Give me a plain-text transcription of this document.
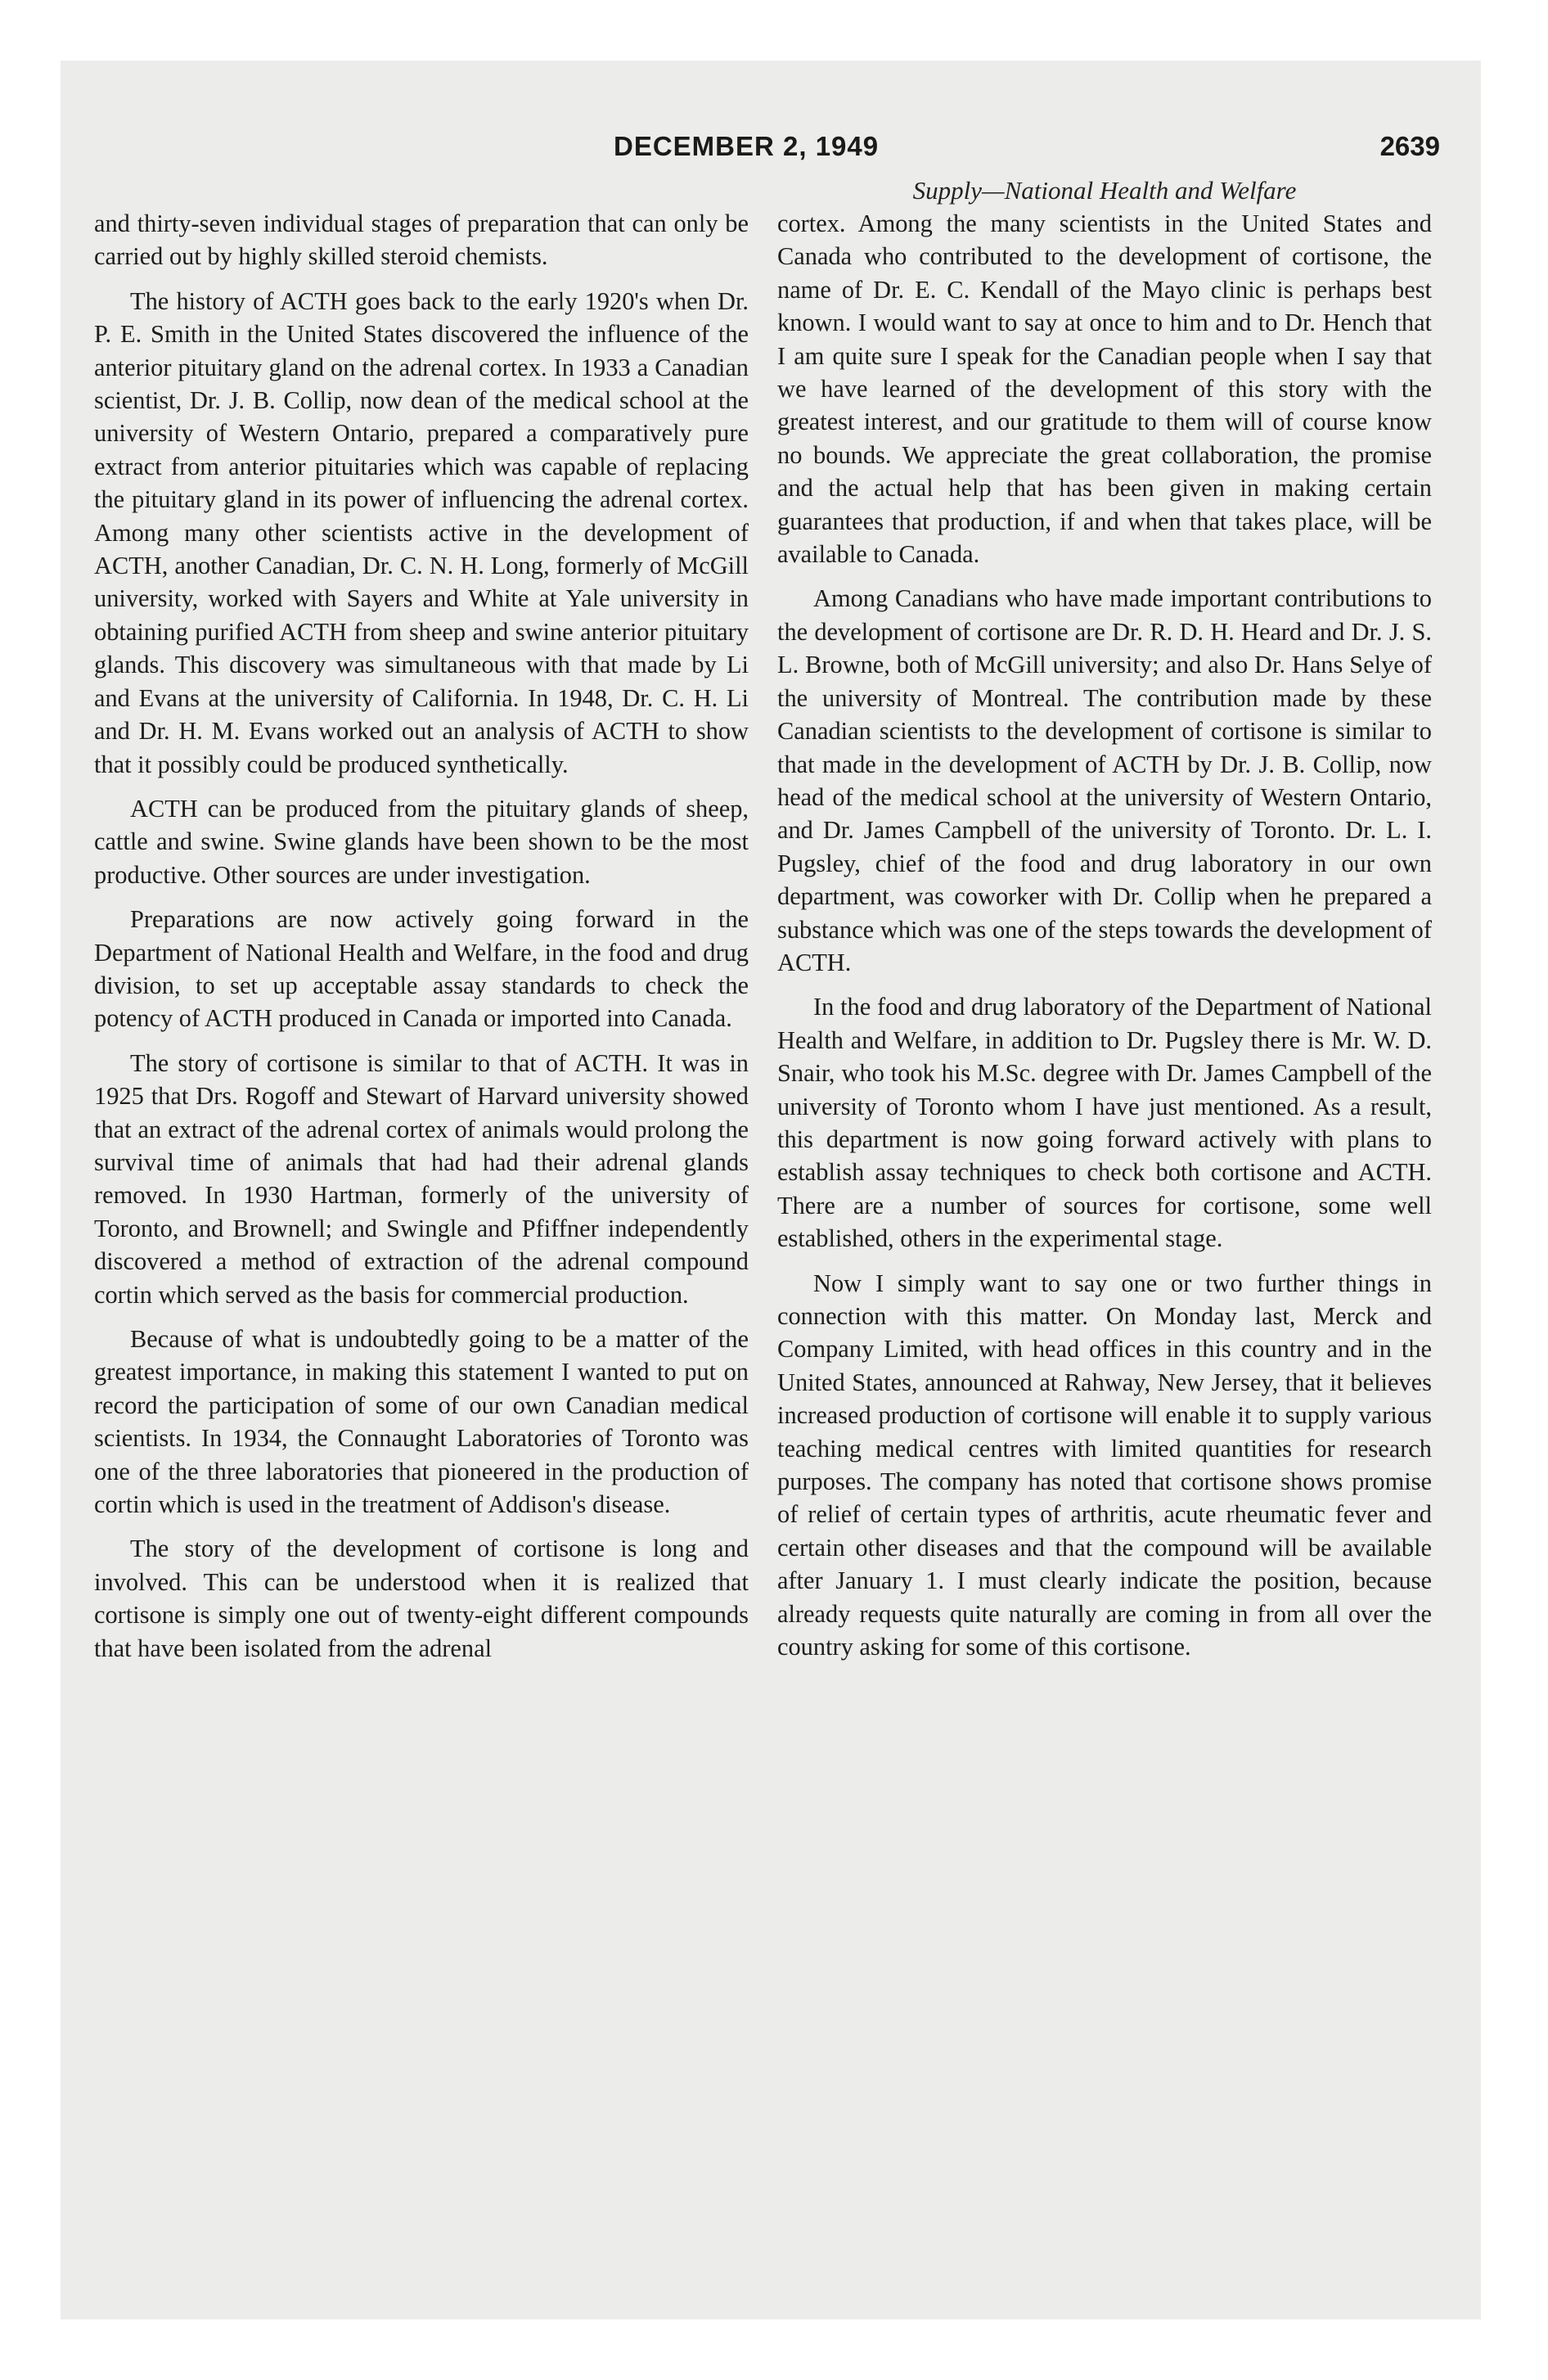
DECEMBER 2, 1949	2639

and thirty-seven individual stages of preparation that can only be carried out by highly skilled steroid chemists.

The history of ACTH goes back to the early 1920's when Dr. P. E. Smith in the United States discovered the influence of the anterior pituitary gland on the adrenal cortex. In 1933 a Canadian scientist, Dr. J. B. Collip, now dean of the medical school at the university of Western Ontario, prepared a comparatively pure extract from anterior pituitaries which was capable of replacing the pituitary gland in its power of influencing the adrenal cortex. Among many other scientists active in the development of ACTH, another Canadian, Dr. C. N. H. Long, formerly of McGill university, worked with Sayers and White at Yale university in obtaining purified ACTH from sheep and swine anterior pituitary glands. This discovery was simultaneous with that made by Li and Evans at the university of California. In 1948, Dr. C. H. Li and Dr. H. M. Evans worked out an analysis of ACTH to show that it possibly could be produced synthetically.

ACTH can be produced from the pituitary glands of sheep, cattle and swine. Swine glands have been shown to be the most productive. Other sources are under investigation.

Preparations are now actively going forward in the Department of National Health and Welfare, in the food and drug division, to set up acceptable assay standards to check the potency of ACTH produced in Canada or imported into Canada.

The story of cortisone is similar to that of ACTH. It was in 1925 that Drs. Rogoff and Stewart of Harvard university showed that an extract of the adrenal cortex of animals would prolong the survival time of animals that had had their adrenal glands removed. In 1930 Hartman, formerly of the university of Toronto, and Brownell; and Swingle and Pfiffner independently discovered a method of extraction of the adrenal compound cortin which served as the basis for commercial production.

Because of what is undoubtedly going to be a matter of the greatest importance, in making this statement I wanted to put on record the participation of some of our own Canadian medical scientists. In 1934, the Connaught Laboratories of Toronto was one of the three laboratories that pioneered in the production of cortin which is used in the treatment of Addison's disease.

The story of the development of cortisone is long and involved. This can be understood when it is realized that cortisone is simply one out of twenty-eight different compounds that have been isolated from the adrenal

Supply—National Health and Welfare

cortex. Among the many scientists in the United States and Canada who contributed to the development of cortisone, the name of Dr. E. C. Kendall of the Mayo clinic is perhaps best known. I would want to say at once to him and to Dr. Hench that I am quite sure I speak for the Canadian people when I say that we have learned of the development of this story with the greatest interest, and our gratitude to them will of course know no bounds. We appreciate the great collaboration, the promise and the actual help that has been given in making certain guarantees that production, if and when that takes place, will be available to Canada.

Among Canadians who have made important contributions to the development of cortisone are Dr. R. D. H. Heard and Dr. J. S. L. Browne, both of McGill university; and also Dr. Hans Selye of the university of Montreal. The contribution made by these Canadian scientists to the development of cortisone is similar to that made in the development of ACTH by Dr. J. B. Collip, now head of the medical school at the university of Western Ontario, and Dr. James Campbell of the university of Toronto. Dr. L. I. Pugsley, chief of the food and drug laboratory in our own department, was coworker with Dr. Collip when he prepared a substance which was one of the steps towards the development of ACTH.

In the food and drug laboratory of the Department of National Health and Welfare, in addition to Dr. Pugsley there is Mr. W. D. Snair, who took his M.Sc. degree with Dr. James Campbell of the university of Toronto whom I have just mentioned. As a result, this department is now going forward actively with plans to establish assay techniques to check both cortisone and ACTH. There are a number of sources for cortisone, some well established, others in the experimental stage.

Now I simply want to say one or two further things in connection with this matter. On Monday last, Merck and Company Limited, with head offices in this country and in the United States, announced at Rahway, New Jersey, that it believes increased production of cortisone will enable it to supply various teaching medical centres with limited quantities for research purposes. The company has noted that cortisone shows promise of relief of certain types of arthritis, acute rheumatic fever and certain other diseases and that the compound will be available after January 1. I must clearly indicate the position, because already requests quite naturally are coming in from all over the country asking for some of this cortisone.
